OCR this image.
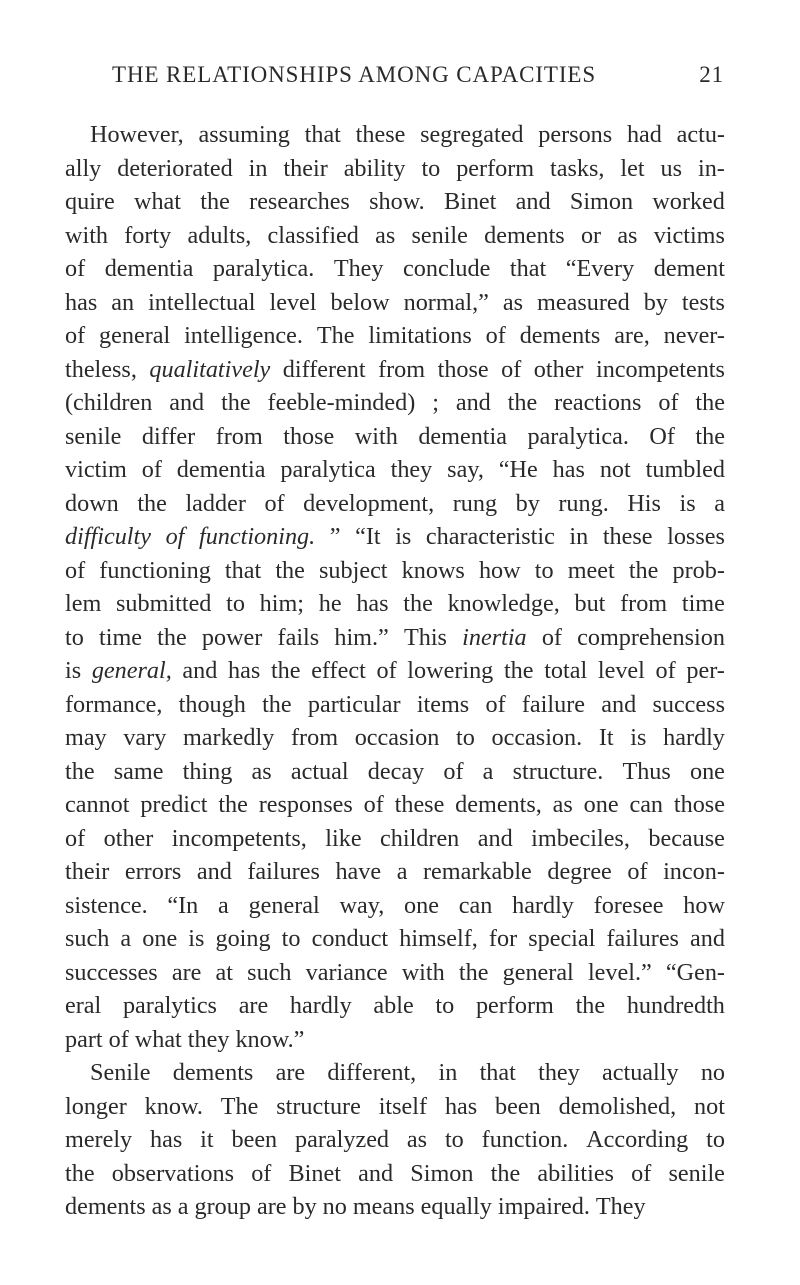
THE RELATIONSHIPS AMONG CAPACITIES	21
However, assuming that these segregated persons had actu-
ally deteriorated in their ability to perform tasks, let us in-
quire what the researches show. Binet and Simon worked
with forty adults, classified as senile dements or as victims
of dementia paralytica. They conclude that “Every dement
has an intellectual level below normal,” as measured by tests
of general intelligence. The limitations of dements are, never-
theless, qualitatively different from those of other incompetents
(children and the feeble-minded) ; and the reactions of the
senile differ from those with dementia paralytica. Of the
victim of dementia paralytica they say, “He has not tumbled
down the ladder of development, rung by rung. His is a
difficulty of functioning. ” “It is characteristic in these losses
of functioning that the subject knows how to meet the prob-
lem submitted to him; he has the knowledge, but from time
to time the power fails him.” This inertia of comprehension
is general, and has the effect of lowering the total level of per-
formance, though the particular items of failure and success
may vary markedly from occasion to occasion. It is hardly
the same thing as actual decay of a structure. Thus one
cannot predict the responses of these dements, as one can those
of other incompetents, like children and imbeciles, because
their errors and failures have a remarkable degree of incon-
sistence. “In a general way, one can hardly foresee how
such a one is going to conduct himself, for special failures and
successes are at such variance with the general level.” “Gen-
eral paralytics are hardly able to perform the hundredth
part of what they know.”
Senile dements are different, in that they actually no
longer know. The structure itself has been demolished, not
merely has it been paralyzed as to function. According to
the observations of Binet and Simon the abilities of senile
dements as a group are by no means equally impaired. They
